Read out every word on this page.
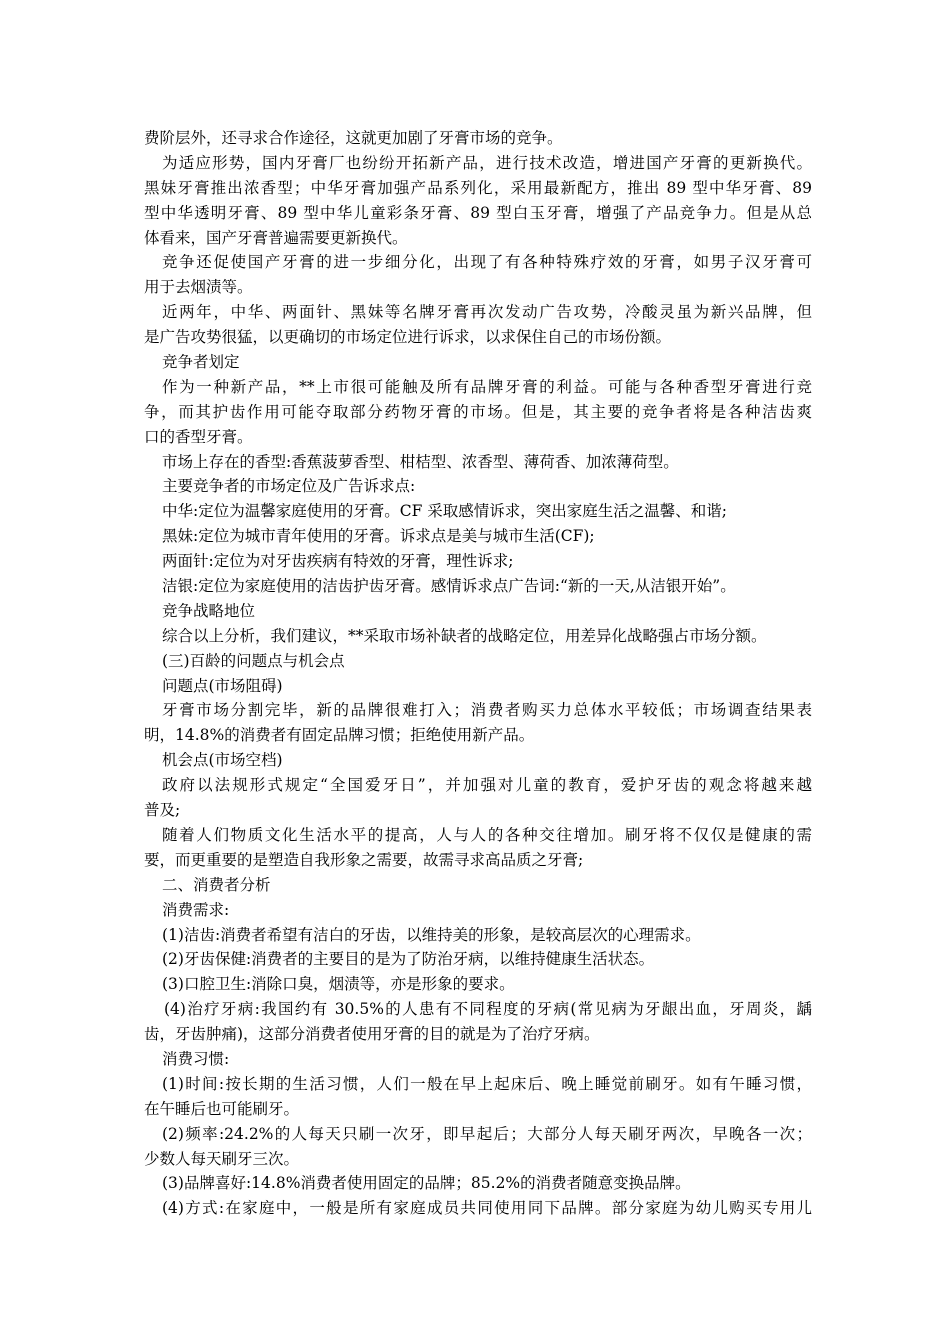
费阶层外，还寻求合作途径，这就更加剧了牙膏市场的竞争。
为适应形势，国内牙膏厂也纷纷开拓新产品，进行技术改造，增进国产牙膏的更新换代。
黑妹牙膏推出浓香型；中华牙膏加强产品系列化，采用最新配方，推出 89 型中华牙膏、89
型中华透明牙膏、89 型中华儿童彩条牙膏、89 型白玉牙膏，增强了产品竞争力。但是从总
体看来，国产牙膏普遍需要更新换代。
竞争还促使国产牙膏的进一步细分化，出现了有各种特殊疗效的牙膏，如男子汉牙膏可
用于去烟渍等。
近两年，中华、两面针、黑妹等名牌牙膏再次发动广告攻势，冷酸灵虽为新兴品牌，但
是广告攻势很猛，以更确切的市场定位进行诉求，以求保住自己的市场份额。
竞争者划定
作为一种新产品，**上市很可能触及所有品牌牙膏的利益。可能与各种香型牙膏进行竞
争，而其护齿作用可能夺取部分药物牙膏的市场。但是，其主要的竞争者将是各种洁齿爽
口的香型牙膏。
市场上存在的香型:香蕉菠萝香型、柑桔型、浓香型、薄荷香、加浓薄荷型。
主要竞争者的市场定位及广告诉求点:
中华:定位为温馨家庭使用的牙膏。CF 采取感情诉求，突出家庭生活之温馨、和谐;
黑妹:定位为城市青年使用的牙膏。诉求点是美与城市生活(CF);
两面针:定位为对牙齿疾病有特效的牙膏，理性诉求;
洁银:定位为家庭使用的洁齿护齿牙膏。感情诉求点广告词:“新的一天,从洁银开始”。
竞争战略地位
综合以上分析，我们建议，**采取市场补缺者的战略定位，用差异化战略强占市场分额。
(三)百龄的问题点与机会点
问题点(市场阻碍)
牙膏市场分割完毕，新的品牌很难打入；消费者购买力总体水平较低；市场调查结果表
明，14.8%的消费者有固定品牌习惯；拒绝使用新产品。
机会点(市场空档)
政府以法规形式规定“全国爱牙日”，并加强对儿童的教育，爱护牙齿的观念将越来越
普及;
随着人们物质文化生活水平的提高，人与人的各种交往增加。刷牙将不仅仅是健康的需
要，而更重要的是塑造自我形象之需要，故需寻求高品质之牙膏;
二、消费者分析
消费需求:
(1)洁齿:消费者希望有洁白的牙齿，以维持美的形象，是较高层次的心理需求。
(2)牙齿保健:消费者的主要目的是为了防治牙病，以维持健康生活状态。
(3)口腔卫生:消除口臭，烟渍等，亦是形象的要求。
(4)治疗牙病:我国约有 30.5%的人患有不同程度的牙病(常见病为牙龈出血，牙周炎，龋
齿，牙齿肿痛)，这部分消费者使用牙膏的目的就是为了治疗牙病。
消费习惯:
(1)时间:按长期的生活习惯，人们一般在早上起床后、晚上睡觉前刷牙。如有午睡习惯，
在午睡后也可能刷牙。
(2)频率:24.2%的人每天只刷一次牙，即早起后；大部分人每天刷牙两次，早晚各一次；
少数人每天刷牙三次。
(3)品牌喜好:14.8%消费者使用固定的品牌；85.2%的消费者随意变换品牌。
(4)方式:在家庭中，一般是所有家庭成员共同使用同下品牌。部分家庭为幼儿购买专用儿
